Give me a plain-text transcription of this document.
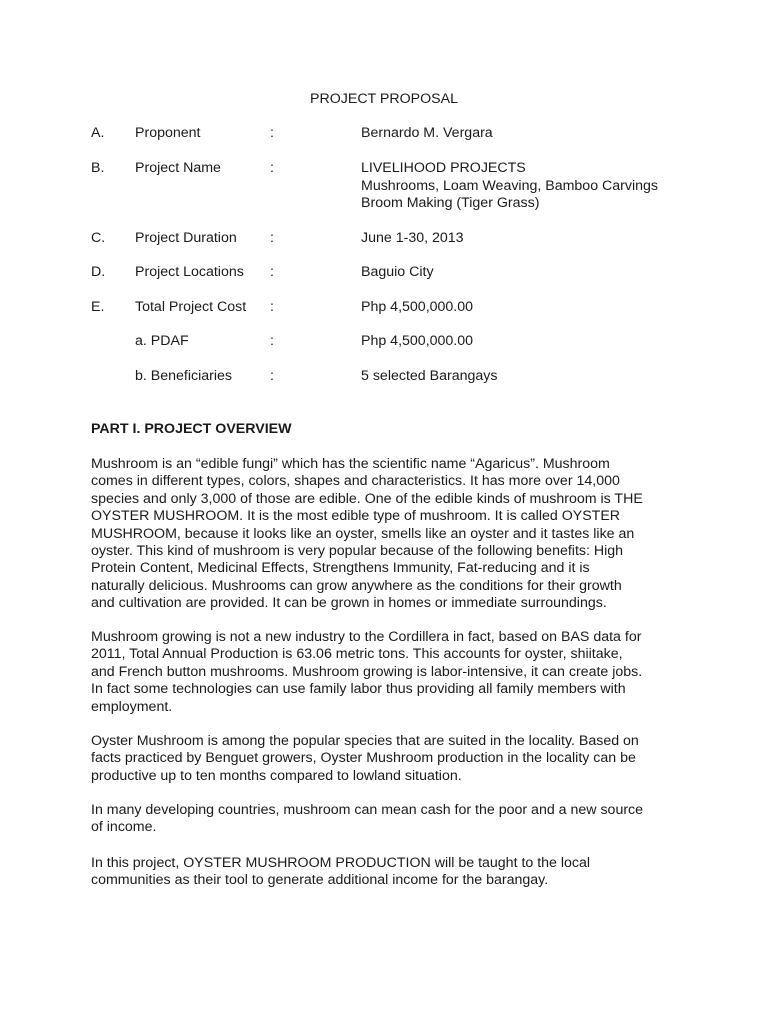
PROJECT PROPOSAL
A. Proponent	:	Bernardo M. Vergara
B. Project Name	:	LIVELIHOOD PROJECTS
Mushrooms, Loam Weaving, Bamboo Carvings
Broom Making (Tiger Grass)
C. Project Duration :	June 1-30, 2013
D. Project Locations :	Baguio City
E. Total Project Cost :	Php 4,500,000.00
a. PDAF	:	Php 4,500,000.00
b. Beneficiaries	:	5 selected Barangays
PART I. PROJECT OVERVIEW
Mushroom is an “edible fungi” which has the scientific name “Agaricus”. Mushroom
comes in different types, colors, shapes and characteristics. It has more over 14,000
species and only 3,000 of those are edible. One of the edible kinds of mushroom is THE
OYSTER MUSHROOM. It is the most edible type of mushroom. It is called OYSTER
MUSHROOM, because it looks like an oyster, smells like an oyster and it tastes like an
oyster. This kind of mushroom is very popular because of the following benefits: High
Protein Content, Medicinal Effects, Strengthens Immunity, Fat-reducing and it is
naturally delicious. Mushrooms can grow anywhere as the conditions for their growth
and cultivation are provided. It can be grown in homes or immediate surroundings.
Mushroom growing is not a new industry to the Cordillera in fact, based on BAS data for
2011, Total Annual Production is 63.06 metric tons. This accounts for oyster, shiitake,
and French button mushrooms. Mushroom growing is labor-intensive, it can create jobs.
In fact some technologies can use family labor thus providing all family members with
employment.
Oyster Mushroom is among the popular species that are suited in the locality. Based on
facts practiced by Benguet growers, Oyster Mushroom production in the locality can be
productive up to ten months compared to lowland situation.
In many developing countries, mushroom can mean cash for the poor and a new source
of income.
In this project, OYSTER MUSHROOM PRODUCTION will be taught to the local
communities as their tool to generate additional income for the barangay.
